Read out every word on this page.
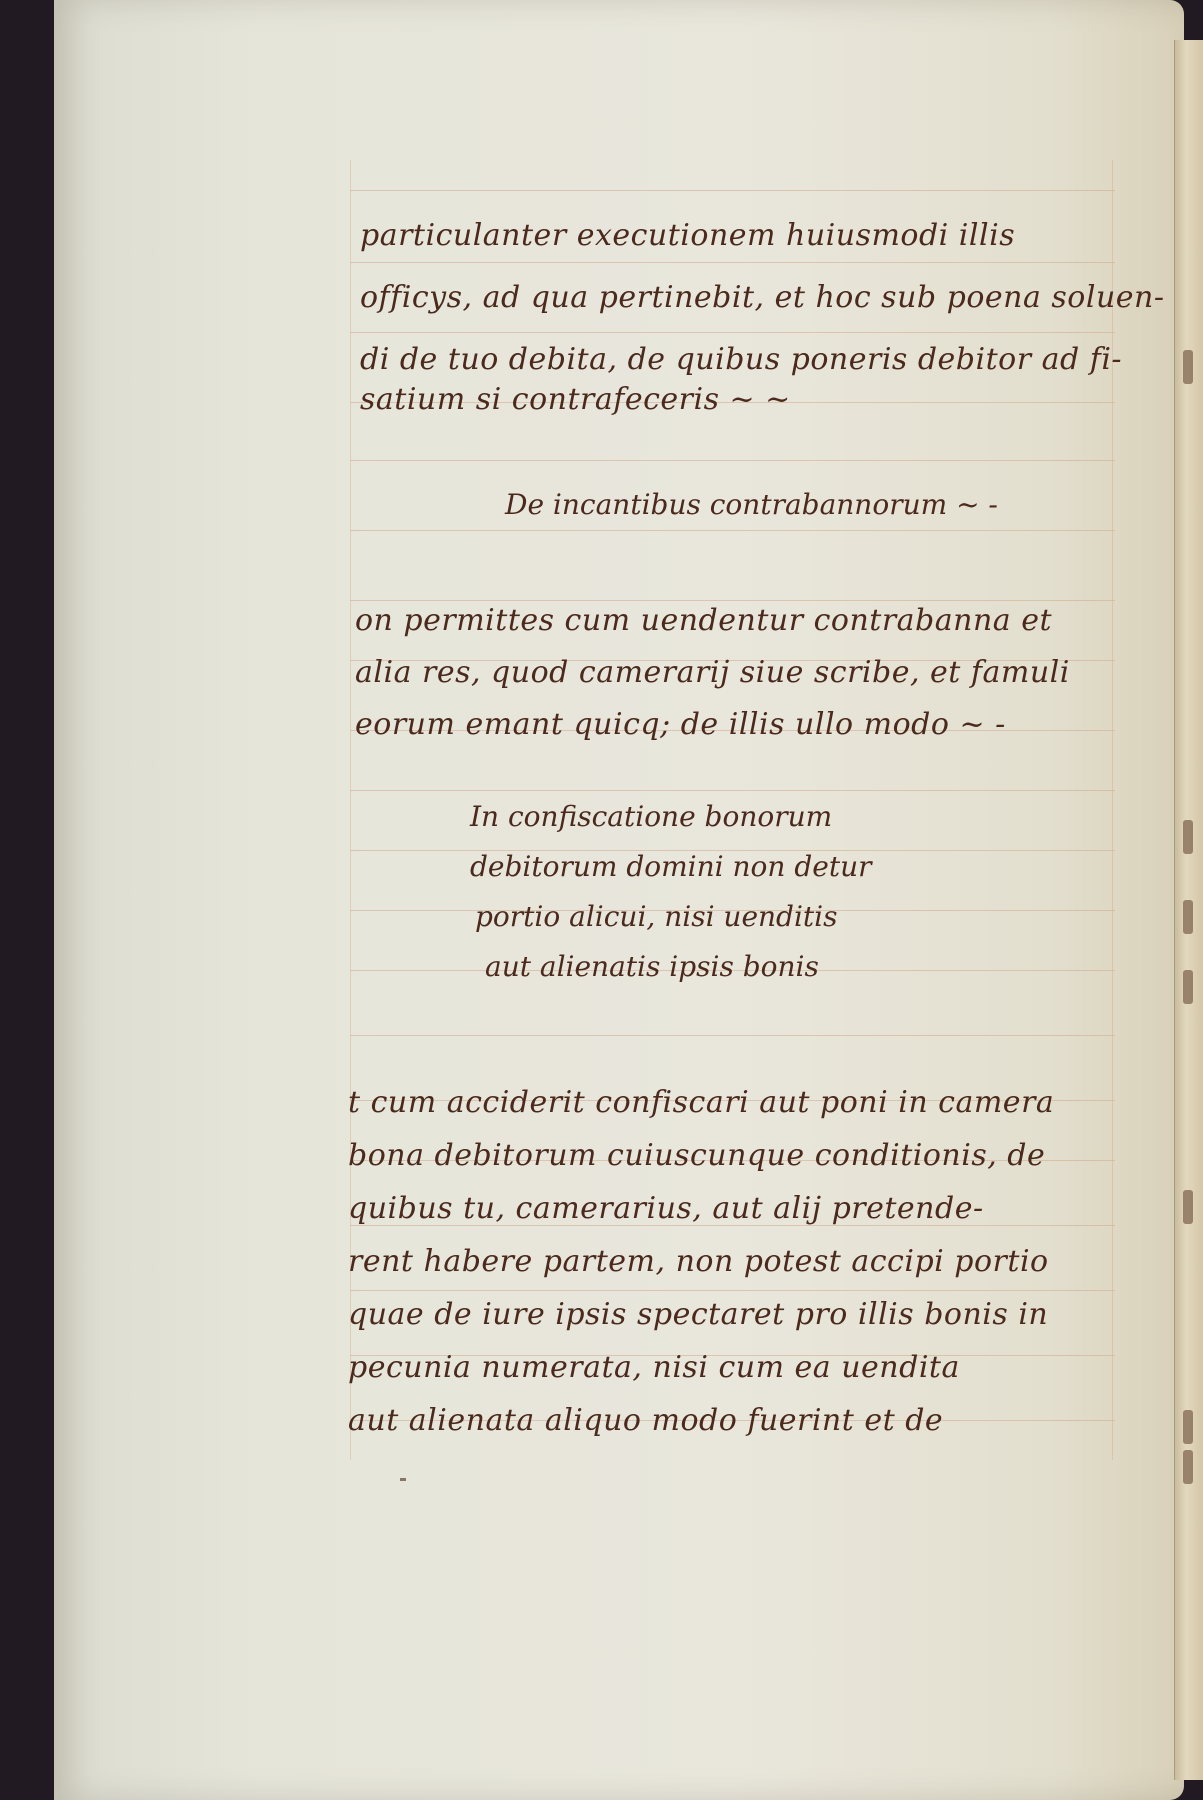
particulanter executionem huiusmodi illis
officys, ad qua pertinebit, et hoc sub poena soluen-
di de tuo debita, de quibus poneris debitor ad fi-
satium si contrafeceris ~ ~
De incantibus contrabannorum ~ -
on permittes cum uendentur contrabanna et
alia res, quod camerarij siue scribe, et famuli
eorum emant quicq; de illis ullo modo ~ -
In confiscatione bonorum
debitorum domini non detur
portio alicui, nisi uenditis
aut alienatis ipsis bonis
t cum acciderit confiscari aut poni in camera
bona debitorum cuiuscunque conditionis, de
quibus tu, camerarius, aut alij pretende-
rent habere partem, non potest accipi portio
quae de iure ipsis spectaret pro illis bonis in
pecunia numerata, nisi cum ea uendita
aut alienata aliquo modo fuerint et de
